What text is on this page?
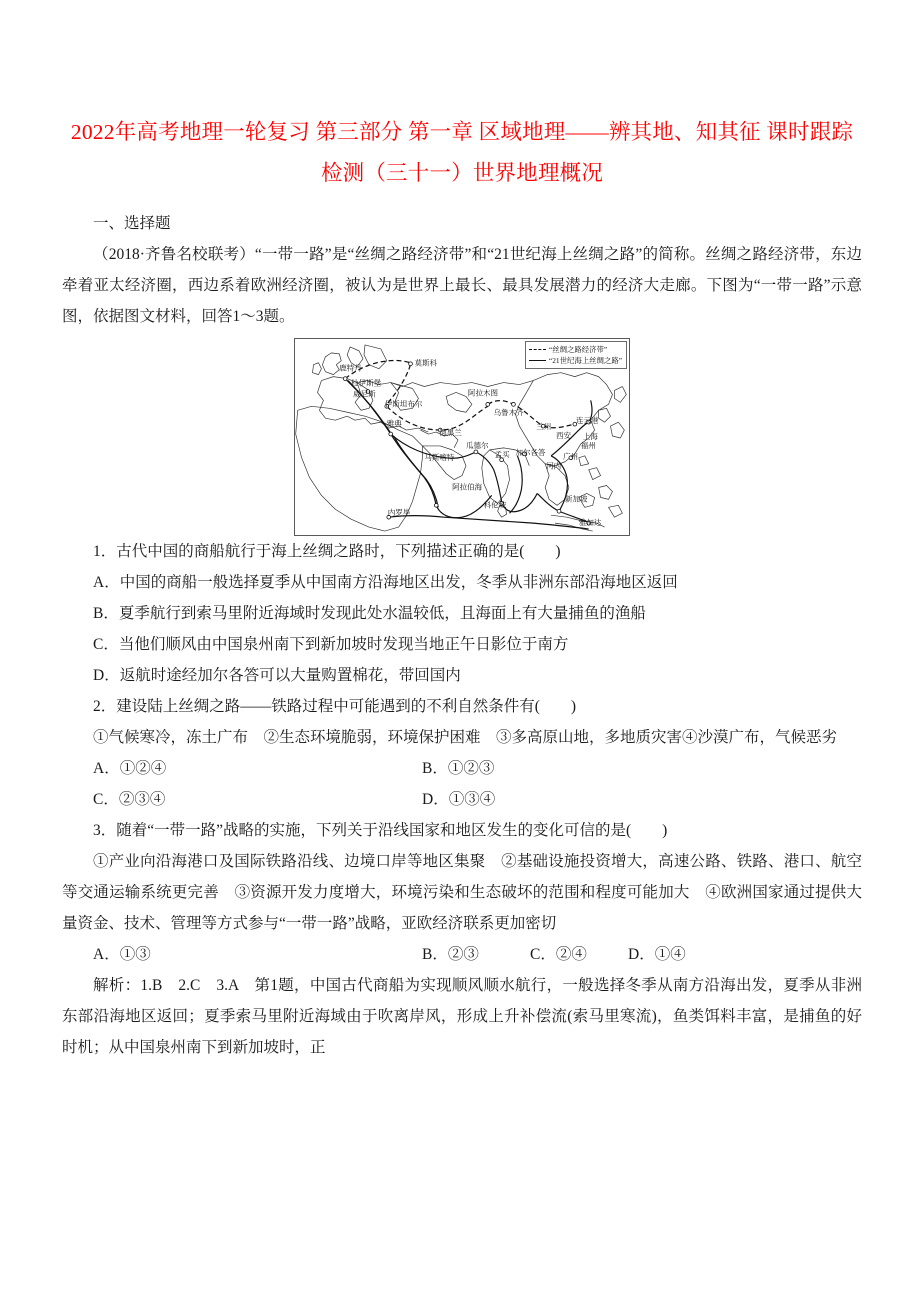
2022年高考地理一轮复习 第三部分 第一章 区域地理——辨其地、知其征 课时跟踪检测（三十一）世界地理概况
一、选择题

（2018·齐鲁名校联考）“一带一路”是“丝绸之路经济带”和“21世纪海上丝绸之路”的简称。丝绸之路经济带，东边牵着亚太经济圈，西边系着欧洲经济圈，被认为是世界上最长、最具发展潜力的经济大走廊。下图为“一带一路”示意图，依据图文材料，回答1～3题。

鹿特丹
莫斯科
杜伊斯堡
威尼斯
伊斯坦布尔
阿拉木图
乌鲁木齐
雅典
德黑兰
兰州
连云港
西安 上海
瓜德尔	福州
马斯喀特	孟买 加尔各答 广州
河内
阿拉伯海
科伦坡
新加坡
内罗毕
雅加达
“丝绸之路经济带”
“21世纪海上丝绸之路”

1．古代中国的商船航行于海上丝绸之路时，下列描述正确的是(　　)

A．中国的商船一般选择夏季从中国南方沿海地区出发，冬季从非洲东部沿海地区返回

B．夏季航行到索马里附近海域时发现此处水温较低，且海面上有大量捕鱼的渔船

C．当他们顺风由中国泉州南下到新加坡时发现当地正午日影位于南方

D．返航时途经加尔各答可以大量购置棉花，带回国内

2．建设陆上丝绸之路——铁路过程中可能遇到的不利自然条件有(　　)

①气候寒冷，冻土广布　②生态环境脆弱，环境保护困难　③多高原山地，多地质灾害④沙漠广布，气候恶劣

A．①②④	B．①②③
C．②③④	D．①③④

3．随着“一带一路”战略的实施，下列关于沿线国家和地区发生的变化可信的是(　　)

①产业向沿海港口及国际铁路沿线、边境口岸等地区集聚　②基础设施投资增大，高速公路、铁路、港口、航空等交通运输系统更完善　③资源开发力度增大，环境污染和生态破坏的范围和程度可能加大　④欧洲国家通过提供大量资金、技术、管理等方式参与“一带一路”战略，亚欧经济联系更加密切

A．①③	B．②③	C．②④	D．①④

解析：1.B　2.C　3.A　第1题，中国古代商船为实现顺风顺水航行，一般选择冬季从南方沿海出发，夏季从非洲东部沿海地区返回；夏季索马里附近海域由于吹离岸风，形成上升补偿流(索马里寒流)，鱼类饵料丰富，是捕鱼的好时机；从中国泉州南下到新加坡时，正
